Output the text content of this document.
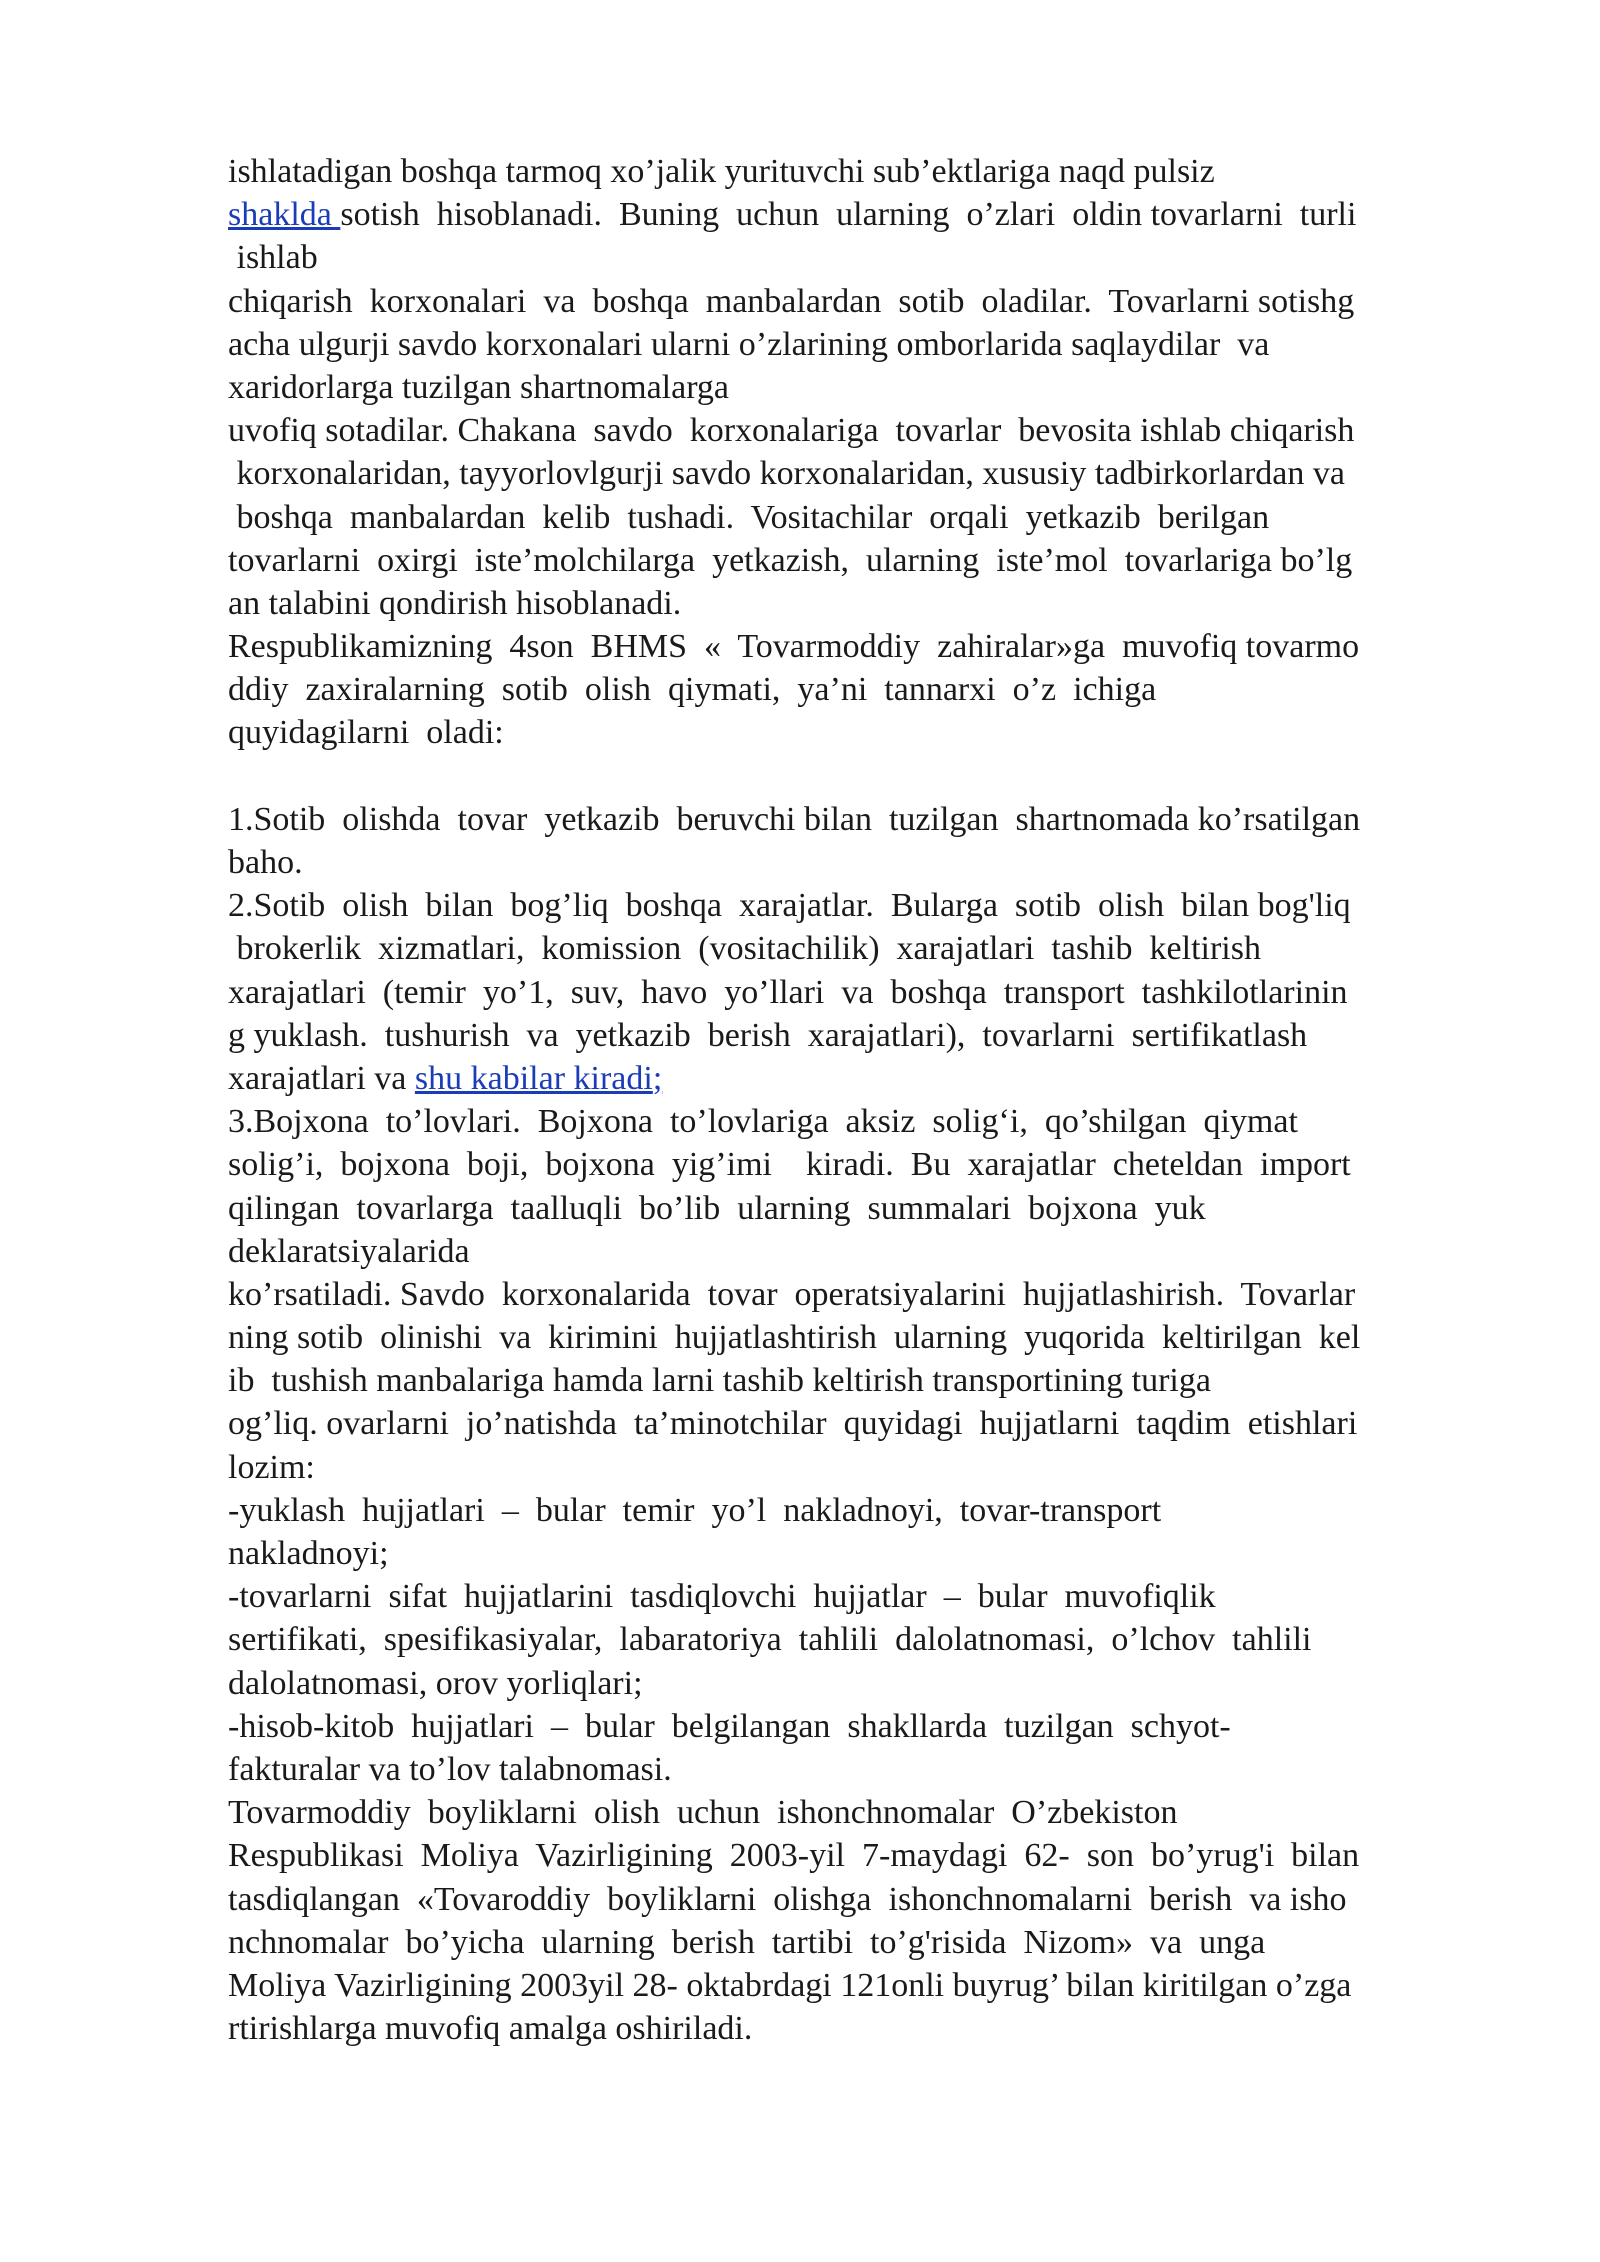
ishlatadigan boshqa tarmoq xo’jalik yurituvchi sub’ektlariga naqd pulsiz
shakldа sotish  hisoblanadi.  Buning  uchun  ularning  o’zlari  oldin tovarlarni  turli
ishlab
chiqarish  korxonalari  va  boshqa  manbalardan  sotib  oladilar.  Tovarlarni sotishg
acha ulgurji savdo korxonalari ularni o’zlarining omborlarida saqlaydilar  va
xaridorlarga tuzilgan shartnomalarga
uvofiq sotadilar. Chakana  savdo  korxonalariga  tovarlar  bevosita ishlab chiqarish
korxonalaridan, tayyorlovlgurji savdo korxonalaridan, xususiy tadbirkorlardan va
boshqa  manbalardan  kelib  tushadi.  Vositachilar  orqali  yetkazib  berilgan
tovarlarni  oxirgi  iste’molchilarga  yetkazish,  ularning  iste’mol  tovarlariga bo’lg
an talabini qondirish hisoblanadi.
Respublikamizning  4son  BHMS  «  Tovarmoddiy  zahiralar»ga  muvofiq tovarmo
ddiy  zaxiralarning  sotib  olish  qiymati,  ya’ni  tannarxi  o’z  ichiga
quyidagilarni  oladi:
1.Sotib  olishda  tovar  yetkazib  beruvchi bilan  tuzilgan  shartnomada ko’rsatilgan
baho.
2.Sotib  olish  bilan  bog’liq  boshqa  xarajatlar.  Bularga  sotib  olish  bilan bog'liq
brokerlik  xizmatlari,  komission  (vositachilik)  xarajatlari  tashib  keltirish
xarajatlari  (temir  yo’1,  suv,  havo  yo’llari  va  boshqa  transport  tashkilotlarinin
g yuklash.  tushurish  va  yetkazib  berish  xarajatlari),  tovarlarni  sertifikatlash
xarajatlari va shu kabilar kiradi;
3.Bojxona  to’lovlari.  Bojxona  to’lovlariga  aksiz  solig‘i,  qo’shilgan  qiymat
solig’i,  bojxona  boji,  bojxona  yig’imi    kiradi.  Bu  xarajatlar  cheteldan  import
qilingan  tovarlarga  taalluqli  bo’lib  ularning  summalari  bojxona  yuk
deklaratsiyalarida
ko’rsatiladi. Savdo  korxonalarida  tovar  operatsiyalarini  hujjatlashirish.  Tovarlar
ning sotib  olinishi  va  kirimini  hujjatlashtirish  ularning  yuqorida  keltirilgan  kel
ib  tushish manbalariga hamda larni tashib keltirish transportining turiga
og’liq. ovarlarni  jo’natishda  ta’minotchilar  quyidagi  hujjatlarni  taqdim  etishlari
lozim:
-yuklash  hujjatlari  –  bular  temir  yo’l  nakladnoyi,  tovar-transport
nakladnoyi;
-tovarlarni  sifat  hujjatlarini  tasdiqlovchi  hujjatlar  –  bular  muvofiqlik
sertifikati,  spesifikasiyalar,  labaratoriya  tahlili  dalolatnomasi,  o’lchov  tahlili
dalolatnomasi, orov yorliqlari;
-hisob-kitob  hujjatlari  –  bular  belgilangan  shakllarda  tuzilgan  schyot-
fakturalar va to’lov talabnomasi.
Tovarmoddiy  boyliklarni  olish  uchun  ishonchnomalar  O’zbekiston
Respublikasi  Moliya  Vazirligining  2003-yil  7-maydagi  62-  son  bo’yrug'i  bilan
tasdiqlangan  «Tovaroddiy  boyliklarni  olishga  ishonchnomalarni  berish  va isho
nchnomalar  bo’yicha  ularning  berish  tartibi  to’g'risida  Nizom»  va  unga
Moliya Vazirligining 2003yil 28- oktabrdagi 121onli buyrug’ bilan kiritilgan o’zga
rtirishlarga muvofiq amalga oshiriladi.
